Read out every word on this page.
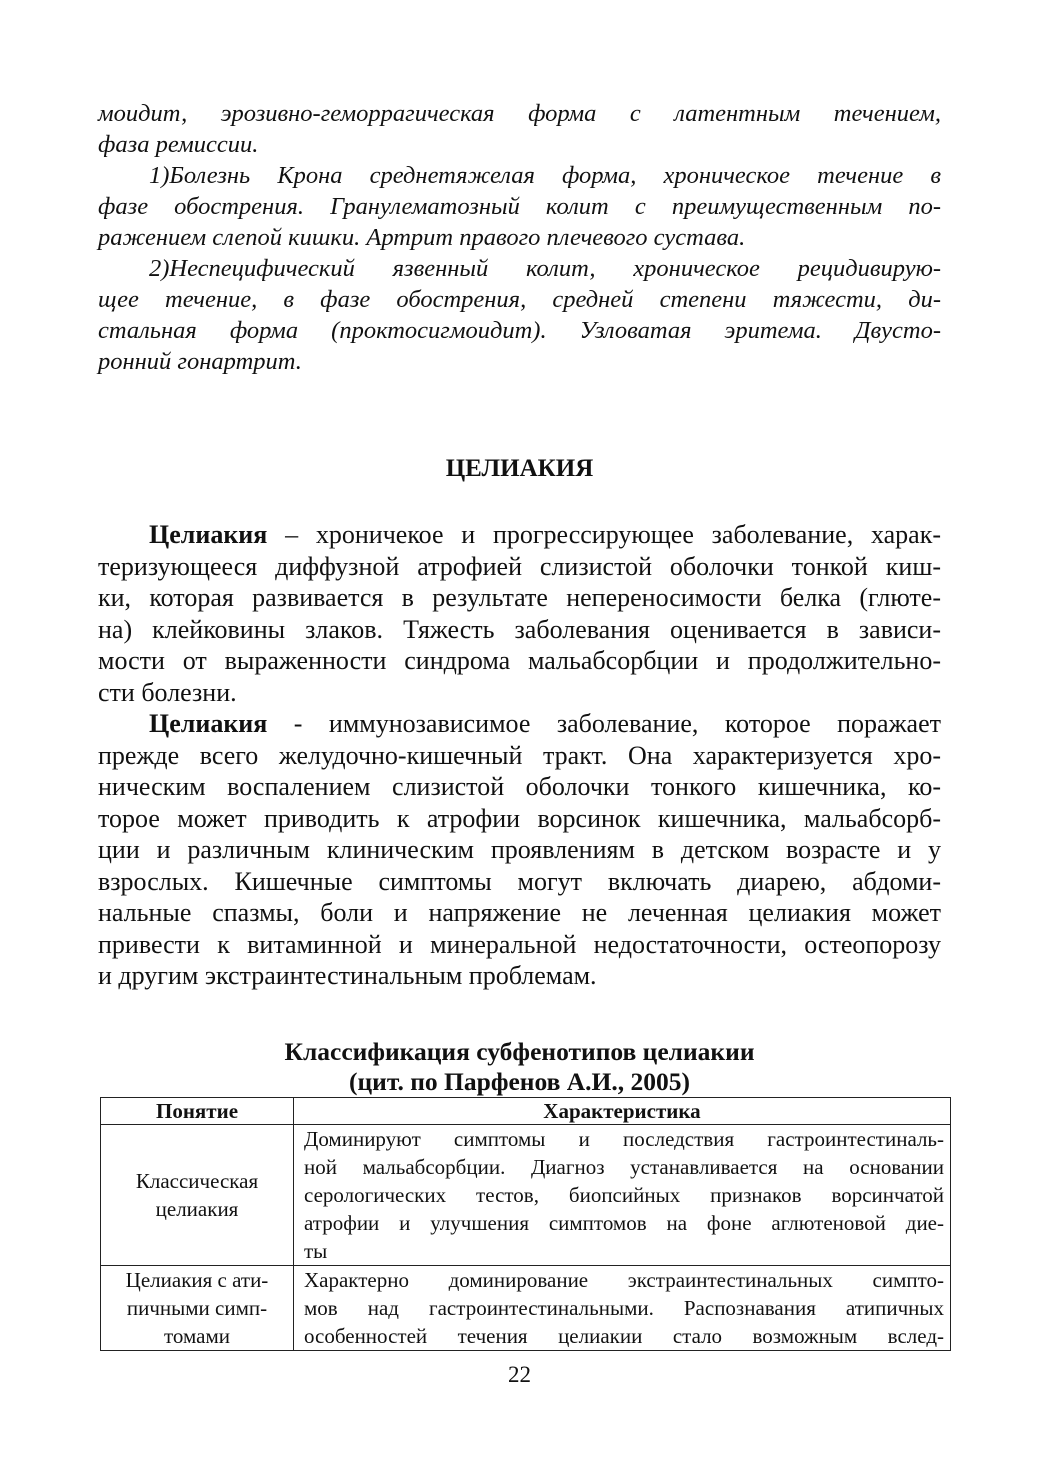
моидит, эрозивно-геморрагическая форма с латентным течением,
фаза ремиссии.
1)Болезнь Крона среднетяжелая форма, хроническое течение в
фазе обострения. Гранулематозный колит с преимущественным по-
ражением слепой кишки. Артрит правого плечевого сустава.
2)Неспецифический язвенный колит, хроническое рецидивирую-
щее течение, в фазе обострения, средней степени тяжести, ди-
стальная форма (проктосигмоидит). Узловатая эритема. Двусто-
ронний гонартрит.
ЦЕЛИАКИЯ
Целиакия – хроничекое и прогрессирующее заболевание, харак-
теризующееся диффузной атрофией слизистой оболочки тонкой киш-
ки, которая развивается в результате непереносимости белка (глюте-
на) клейковины злаков. Тяжесть заболевания оценивается в зависи-
мости от выраженности синдрома мальабсорбции и продолжительно-
сти болезни.
Целиакия - иммунозависимое заболевание, которое поражает
прежде всего желудочно-кишечный тракт. Она характеризуется хро-
ническим воспалением слизистой оболочки тонкого кишечника, ко-
торое может приводить к атрофии ворсинок кишечника, мальабсорб-
ции и различным клиническим проявлениям в детском возрасте и у
взрослых. Кишечные симптомы могут включать диарею, абдоми-
нальные спазмы, боли и напряжение не леченная целиакия может
привести к витаминной и минеральной недостаточности, остеопорозу
и другим экстраинтестинальным проблемам.
Классификация субфенотипов целиакии
(цит. по Парфенов А.И., 2005)
Понятие	Характеристика

Классическая
целиакия	Доминируют симптомы и последствия гастроинтестиналь-
ной мальабсорбции. Диагноз устанавливается на основании
серологических тестов, биопсийных признаков ворсинчатой
атрофии и улучшения симптомов на фоне аглютеновой дие-
ты

Целиакия с ати-
пичными симп-
томами	Характерно доминирование экстраинтестинальных симпто-
мов над гастроинтестинальными. Распознавания атипичных
особенностей течения целиакии стало возможным вслед-
22
